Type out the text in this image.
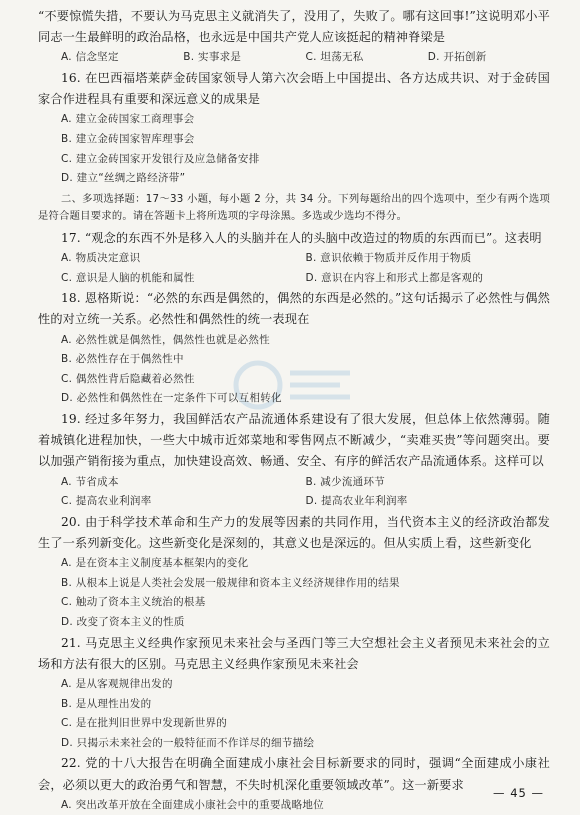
“不要惊慌失措，不要认为马克思主义就消失了，没用了，失败了。哪有这回事!”这说明邓小平同志一生最鲜明的政治品格，也永远是中国共产党人应该挺起的精神脊梁是

A. 信念坚定	B. 实事求是	C. 坦荡无私	D. 开拓创新

16. 在巴西福塔莱萨金砖国家领导人第六次会晤上中国提出、各方达成共识、对于金砖国家合作进程具有重要和深远意义的成果是

A. 建立金砖国家工商理事会
B. 建立金砖国家智库理事会
C. 建立金砖国家开发银行及应急储备安排
D. 建立“丝绸之路经济带”

二、多项选择题：17～33 小题，每小题 2 分，共 34 分。下列每题给出的四个选项中，至少有两个选项是符合题目要求的。请在答题卡上将所选项的字母涂黑。多选或少选均不得分。

17. “观念的东西不外是移入人的头脑并在人的头脑中改造过的物质的东西而已”。这表明

A. 物质决定意识	B. 意识依赖于物质并反作用于物质
C. 意识是人脑的机能和属性	D. 意识在内容上和形式上都是客观的

18. 恩格斯说：“必然的东西是偶然的，偶然的东西是必然的。”这句话揭示了必然性与偶然性的对立统一关系。必然性和偶然性的统一表现在

A. 必然性就是偶然性，偶然性也就是必然性
B. 必然性存在于偶然性中
C. 偶然性背后隐藏着必然性
D. 必然性和偶然性在一定条件下可以互相转化

19. 经过多年努力，我国鲜活农产品流通体系建设有了很大发展，但总体上依然薄弱。随着城镇化进程加快，一些大中城市近郊菜地和零售网点不断减少，“卖难买贵”等问题突出。要以加强产销衔接为重点，加快建设高效、畅通、安全、有序的鲜活农产品流通体系。这样可以

A. 节省成本	B. 减少流通环节
C. 提高农业利润率	D. 提高农业年利润率

20. 由于科学技术革命和生产力的发展等因素的共同作用，当代资本主义的经济政治都发生了一系列新变化。这些新变化是深刻的，其意义也是深远的。但从实质上看，这些新变化

A. 是在资本主义制度基本框架内的变化
B. 从根本上说是人类社会发展一般规律和资本主义经济规律作用的结果
C. 触动了资本主义统治的根基
D. 改变了资本主义的性质

21. 马克思主义经典作家预见未来社会与圣西门等三大空想社会主义者预见未来社会的立场和方法有很大的区别。马克思主义经典作家预见未来社会

A. 是从客观规律出发的
B. 是从理性出发的
C. 是在批判旧世界中发现新世界的
D. 只揭示未来社会的一般特征而不作详尽的细节描绘

22. 党的十八大报告在明确全面建成小康社会目标新要求的同时，强调“全面建成小康社会，必须以更大的政治勇气和智慧，不失时机深化重要领域改革”。这一新要求

A. 突出改革开放在全面建成小康社会中的重要战略地位
— 45 —
